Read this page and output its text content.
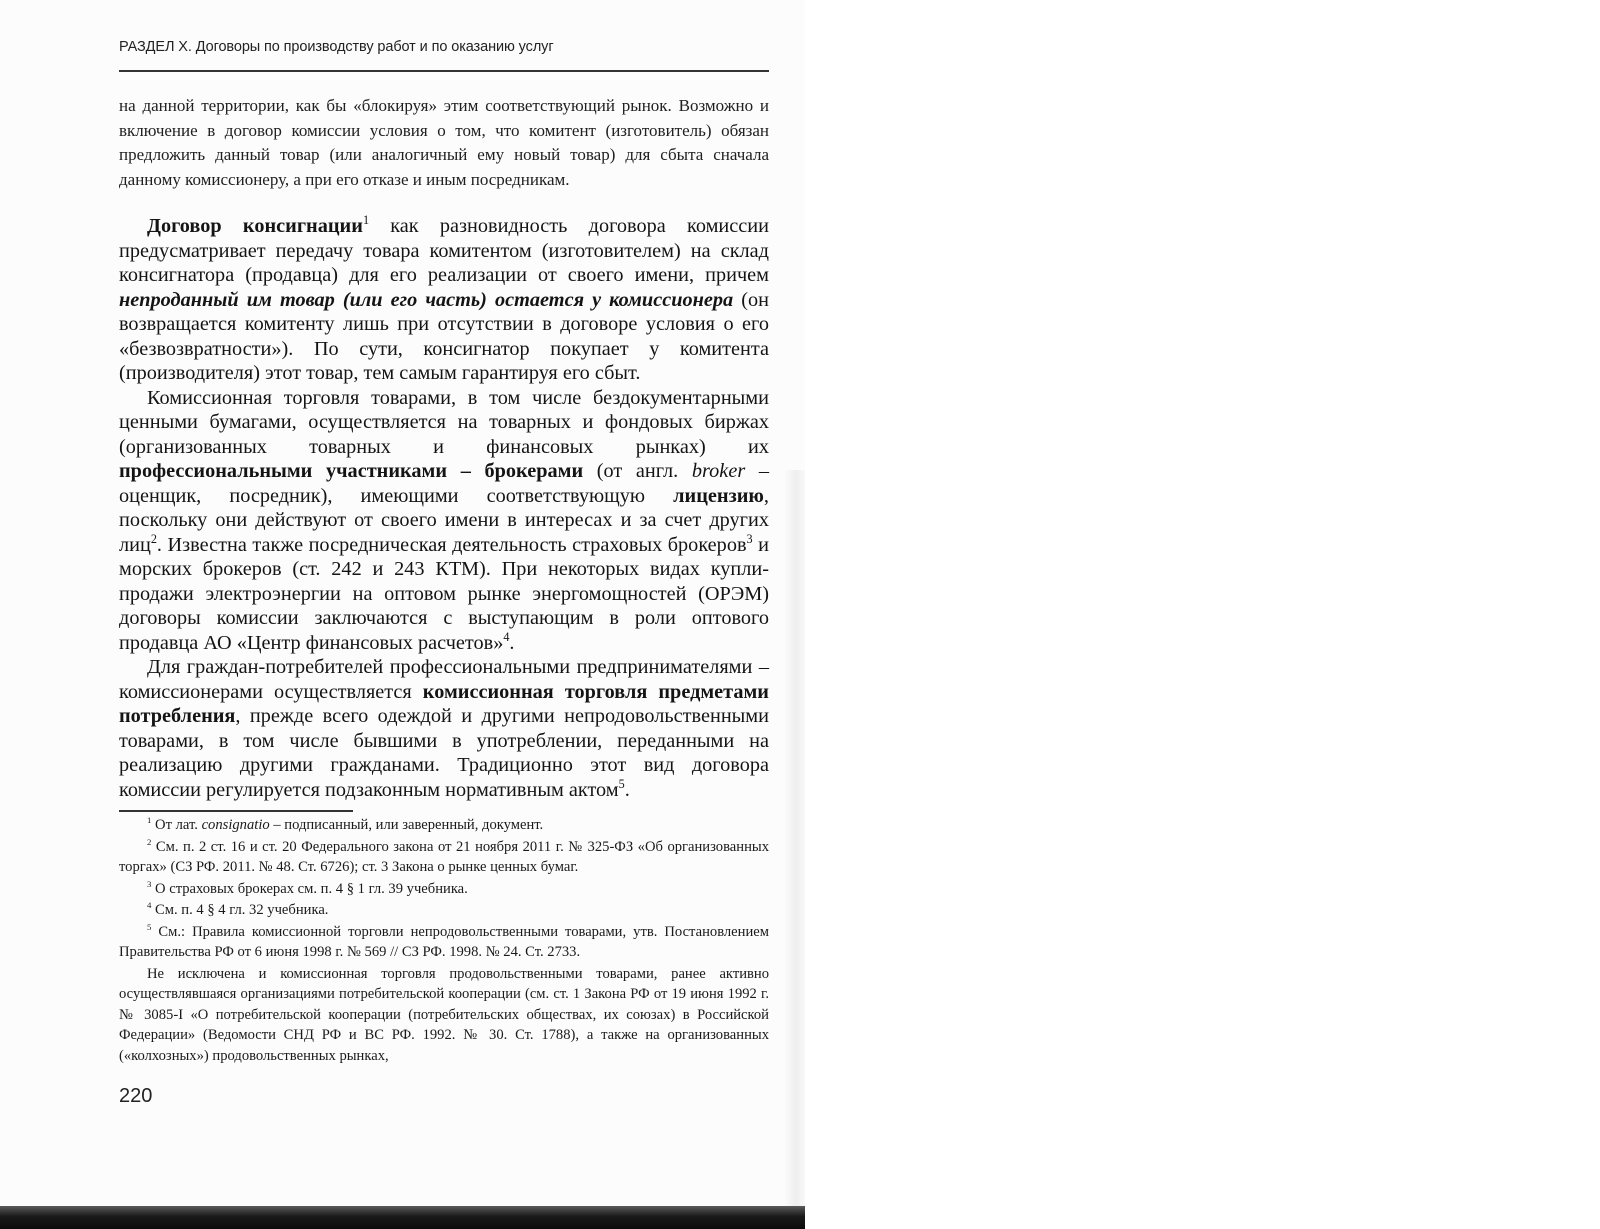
РАЗДЕЛ X. Договоры по производству работ и по оказанию услуг

на данной территории, как бы «блокируя» этим соответствующий рынок. Возможно и включение в договор комиссии условия о том, что комитент (изготовитель) обязан предложить данный товар (или аналогичный ему новый товар) для сбыта сначала данному комиссионеру, а при его отказе и иным посредникам.

Договор консигнации$^1$ как разновидность договора комиссии предусматривает передачу товара комитентом (изготовителем) на склад консигнатора (продавца) для его реализации от своего имени, причем непроданный им товар (или его часть) остается у комиссионера (он возвращается комитенту лишь при отсутствии в договоре условия о его «безвозвратности»). По сути, консигнатор покупает у комитента (производителя) этот товар, тем самым гарантируя его сбыт.

Комиссионная торговля товарами, в том числе бездокументарными ценными бумагами, осуществляется на товарных и фондовых биржах (организованных товарных и финансовых рынках) их профессиональными участниками – брокерами (от англ. broker – оценщик, посредник), имеющими соответствующую лицензию, поскольку они действуют от своего имени в интересах и за счет других лиц$^2$. Известна также посредническая деятельность страховых брокеров$^3$ и морских брокеров (ст. 242 и 243 КТМ). При некоторых видах купли-продажи электроэнергии на оптовом рынке энергомощностей (ОРЭМ) договоры комиссии заключаются с выступающим в роли оптового продавца АО «Центр финансовых расчетов»$^4$.

Для граждан-потребителей профессиональными предпринимателями – комиссионерами осуществляется комиссионная торговля предметами потребления, прежде всего одеждой и другими непродовольственными товарами, в том числе бывшими в употреблении, переданными на реализацию другими гражданами. Традиционно этот вид договора комиссии регулируется подзаконным нормативным актом$^5$.

$^1$ От лат. consignatio – подписанный, или заверенный, документ.

$^2$ См. п. 2 ст. 16 и ст. 20 Федерального закона от 21 ноября 2011 г. № 325-ФЗ «Об организованных торгах» (СЗ РФ. 2011. № 48. Ст. 6726); ст. 3 Закона о рынке ценных бумаг.

$^3$ О страховых брокерах см. п. 4 § 1 гл. 39 учебника.

$^4$ См. п. 4 § 4 гл. 32 учебника.

$^5$ См.: Правила комиссионной торговли непродовольственными товарами, утв. Постановлением Правительства РФ от 6 июня 1998 г. № 569 // СЗ РФ. 1998. № 24. Ст. 2733.

Не исключена и комиссионная торговля продовольственными товарами, ранее активно осуществлявшаяся организациями потребительской кооперации (см. ст. 1 Закона РФ от 19 июня 1992 г. № 3085-I «О потребительской кооперации (потребительских обществах, их союзах) в Российской Федерации» (Ведомости СНД РФ и ВС РФ. 1992. № 30. Ст. 1788), а также на организованных («колхозных») продовольственных рынках,

220
